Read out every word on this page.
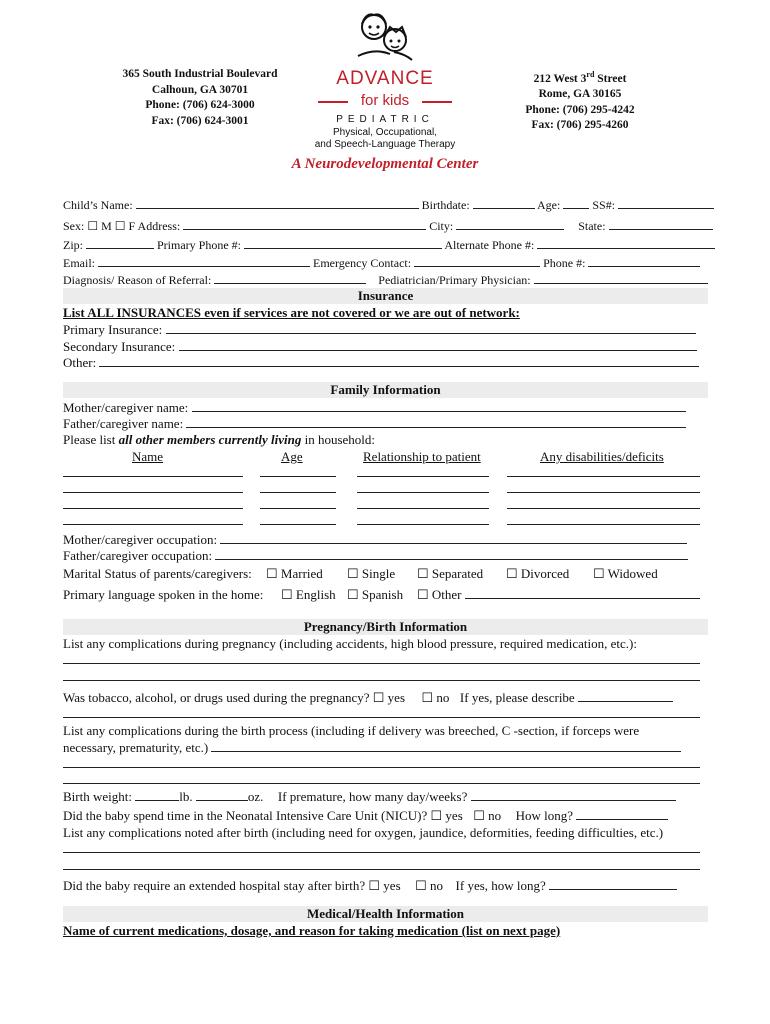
365 South Industrial Boulevard
Calhoun, GA 30701
Phone: (706) 624-3000
Fax: (706) 624-3001
212 West 3rd Street
Rome, GA 30165
Phone: (706) 295-4242
Fax: (706) 295-4260
ADVANCE
for kids
PEDIATRIC
Physical, Occupational,
and Speech-Language Therapy
A Neurodevelopmental Center
Child’s Name:	Birthdate:	Age:	SS#:
Sex: ☐ M ☐ F Address:	City:	State:
Zip:	Primary Phone #:	Alternate Phone #:
Email:	Emergency Contact:	Phone #:
Diagnosis/ Reason of Referral:	Pediatrician/Primary Physician:
Insurance
List ALL INSURANCES even if services are not covered or we are out of network:
Primary Insurance:
Secondary Insurance:
Other:
Family Information
Mother/caregiver name:
Father/caregiver name:
Please list all other members currently living in household:
Name	Age	Relationship to patient	Any disabilities/deficits
Mother/caregiver occupation:
Father/caregiver occupation:
Marital Status of parents/caregivers: ☐ Married ☐ Single ☐ Separated ☐ Divorced ☐ Widowed
Primary language spoken in the home: ☐ English ☐ Spanish ☐ Other
Pregnancy/Birth Information
List any complications during pregnancy (including accidents, high blood pressure, required medication, etc.):
Was tobacco, alcohol, or drugs used during the pregnancy? ☐ yes ☐ no If yes, please describe
List any complications during the birth process (including if delivery was breeched, C -section, if forceps were
necessary, prematurity, etc.)
Birth weight:	lb.	oz. If premature, how many day/weeks?
Did the baby spend time in the Neonatal Intensive Care Unit (NICU)? ☐ yes ☐ no How long?
List any complications noted after birth (including need for oxygen, jaundice, deformities, feeding difficulties, etc.)
Did the baby require an extended hospital stay after birth? ☐ yes ☐ no If yes, how long?
Medical/Health Information
Name of current medications, dosage, and reason for taking medication (list on next page)
